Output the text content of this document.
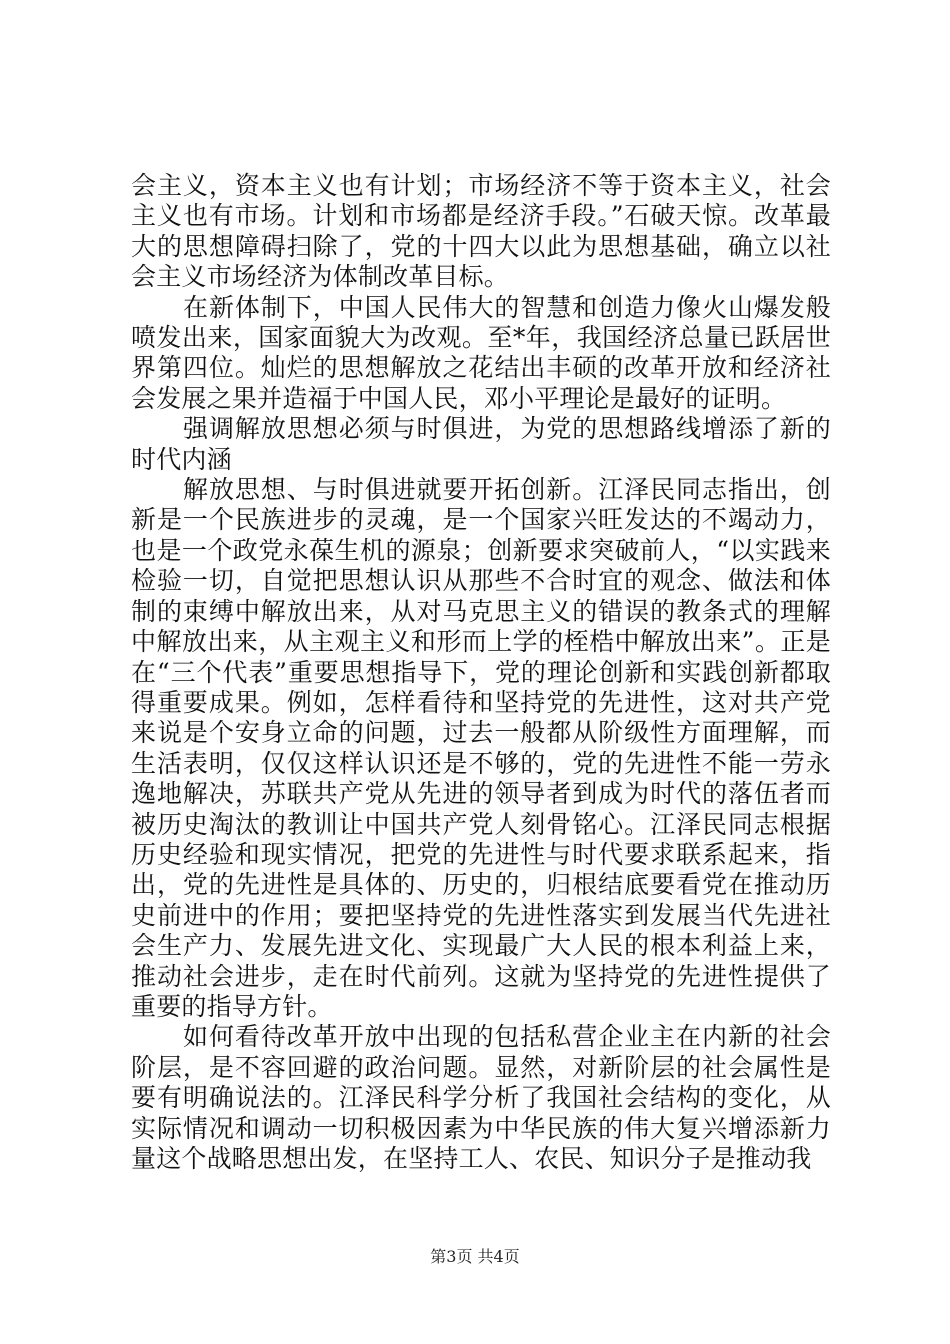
会主义，资本主义也有计划；市场经济不等于资本主义，社会主义也有市场。计划和市场都是经济手段。”石破天惊。改革最大的思想障碍扫除了，党的十四大以此为思想基础，确立以社会主义市场经济为体制改革目标。

在新体制下，中国人民伟大的智慧和创造力像火山爆发般喷发出来，国家面貌大为改观。至*年，我国经济总量已跃居世界第四位。灿烂的思想解放之花结出丰硕的改革开放和经济社会发展之果并造福于中国人民，邓小平理论是最好的证明。

强调解放思想必须与时俱进，为党的思想路线增添了新的时代内涵

解放思想、与时俱进就要开拓创新。江泽民同志指出，创新是一个民族进步的灵魂，是一个国家兴旺发达的不竭动力，也是一个政党永葆生机的源泉；创新要求突破前人，“以实践来检验一切，自觉把思想认识从那些不合时宜的观念、做法和体制的束缚中解放出来，从对马克思主义的错误的教条式的理解中解放出来，从主观主义和形而上学的桎梏中解放出来”。正是在“三个代表”重要思想指导下，党的理论创新和实践创新都取得重要成果。例如，怎样看待和坚持党的先进性，这对共产党来说是个安身立命的问题，过去一般都从阶级性方面理解，而生活表明，仅仅这样认识还是不够的，党的先进性不能一劳永逸地解决，苏联共产党从先进的领导者到成为时代的落伍者而被历史淘汰的教训让中国共产党人刻骨铭心。江泽民同志根据历史经验和现实情况，把党的先进性与时代要求联系起来，指出，党的先进性是具体的、历史的，归根结底要看党在推动历史前进中的作用；要把坚持党的先进性落实到发展当代先进社会生产力、发展先进文化、实现最广大人民的根本利益上来，推动社会进步，走在时代前列。这就为坚持党的先进性提供了重要的指导方针。

如何看待改革开放中出现的包括私营企业主在内新的社会阶层，是不容回避的政治问题。显然，对新阶层的社会属性是要有明确说法的。江泽民科学分析了我国社会结构的变化，从实际情况和调动一切积极因素为中华民族的伟大复兴增添新力量这个战略思想出发，在坚持工人、农民、知识分子是推动我

第3页 共4页
